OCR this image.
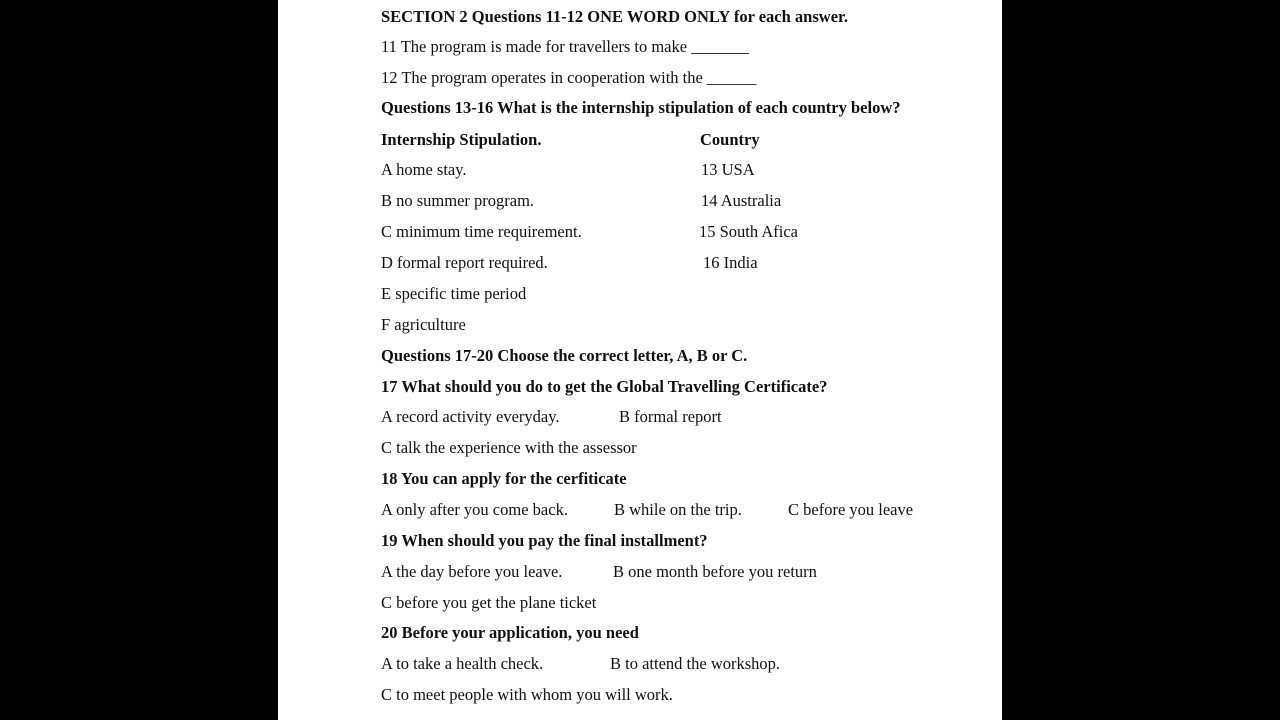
SECTION 2 Questions 11-12 ONE WORD ONLY for each answer.
11 The program is made for travellers to make _______
12 The program operates in cooperation with the ______
Questions 13-16 What is the internship stipulation of each country below?
Internship Stipulation.	Country
A home stay.	13 USA
B no summer program.	14 Australia
C minimum time requirement.	15 South Afica
D formal report required.	16 India
E specific time period
F agriculture
Questions 17-20 Choose the correct letter, A, B or C.
17 What should you do to get the Global Travelling Certificate?
A record activity everyday.	B formal report
C talk the experience with the assessor
18 You can apply for the cerfiticate
A only after you come back.	B while on the trip.	C before you leave
19 When should you pay the final installment?
A the day before you leave.	B one month before you return
C before you get the plane ticket
20 Before your application, you need
A to take a health check.	B to attend the workshop.
C to meet people with whom you will work.
